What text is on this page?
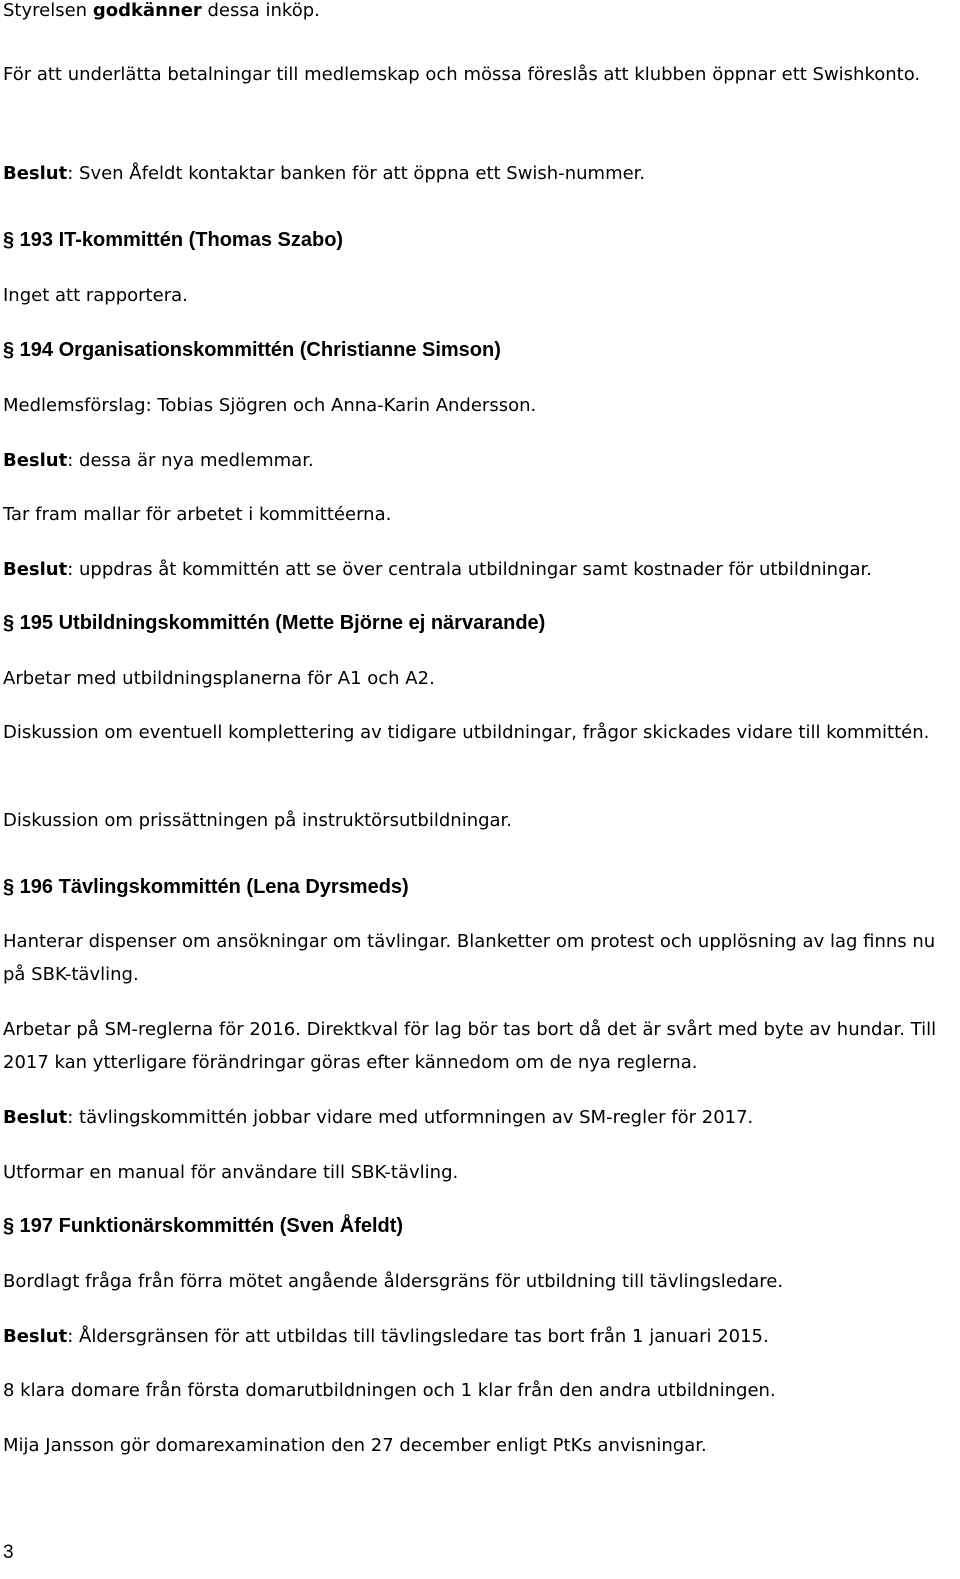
Styrelsen godkänner dessa inköp.

För att underlätta betalningar till medlemskap och mössa föreslås att klubben öppnar ett Swishkonto.

Beslut: Sven Åfeldt kontaktar banken för att öppna ett Swish-nummer.

§ 193 IT-kommittén (Thomas Szabo)

Inget att rapportera.

§ 194 Organisationskommittén (Christianne Simson)

Medlemsförslag: Tobias Sjögren och Anna-Karin Andersson.

Beslut: dessa är nya medlemmar.

Tar fram mallar för arbetet i kommittéerna.

Beslut: uppdras åt kommittén att se över centrala utbildningar samt kostnader för utbildningar.

§ 195 Utbildningskommittén (Mette Björne ej närvarande)

Arbetar med utbildningsplanerna för A1 och A2.

Diskussion om eventuell komplettering av tidigare utbildningar, frågor skickades vidare till kommittén.

Diskussion om prissättningen på instruktörsutbildningar.

§ 196 Tävlingskommittén (Lena Dyrsmeds)

Hanterar dispenser om ansökningar om tävlingar. Blanketter om protest och upplösning av lag finns nu på SBK-tävling.

Arbetar på SM-reglerna för 2016. Direktkval för lag bör tas bort då det är svårt med byte av hundar. Till 2017 kan ytterligare förändringar göras efter kännedom om de nya reglerna.

Beslut: tävlingskommittén jobbar vidare med utformningen av SM-regler för 2017.

Utformar en manual för användare till SBK-tävling.

§ 197 Funktionärskommittén (Sven Åfeldt)

Bordlagt fråga från förra mötet angående åldersgräns för utbildning till tävlingsledare.

Beslut: Åldersgränsen för att utbildas till tävlingsledare tas bort från 1 januari 2015.

8 klara domare från första domarutbildningen och 1 klar från den andra utbildningen.

Mija Jansson gör domarexamination den 27 december enligt PtKs anvisningar.

3
